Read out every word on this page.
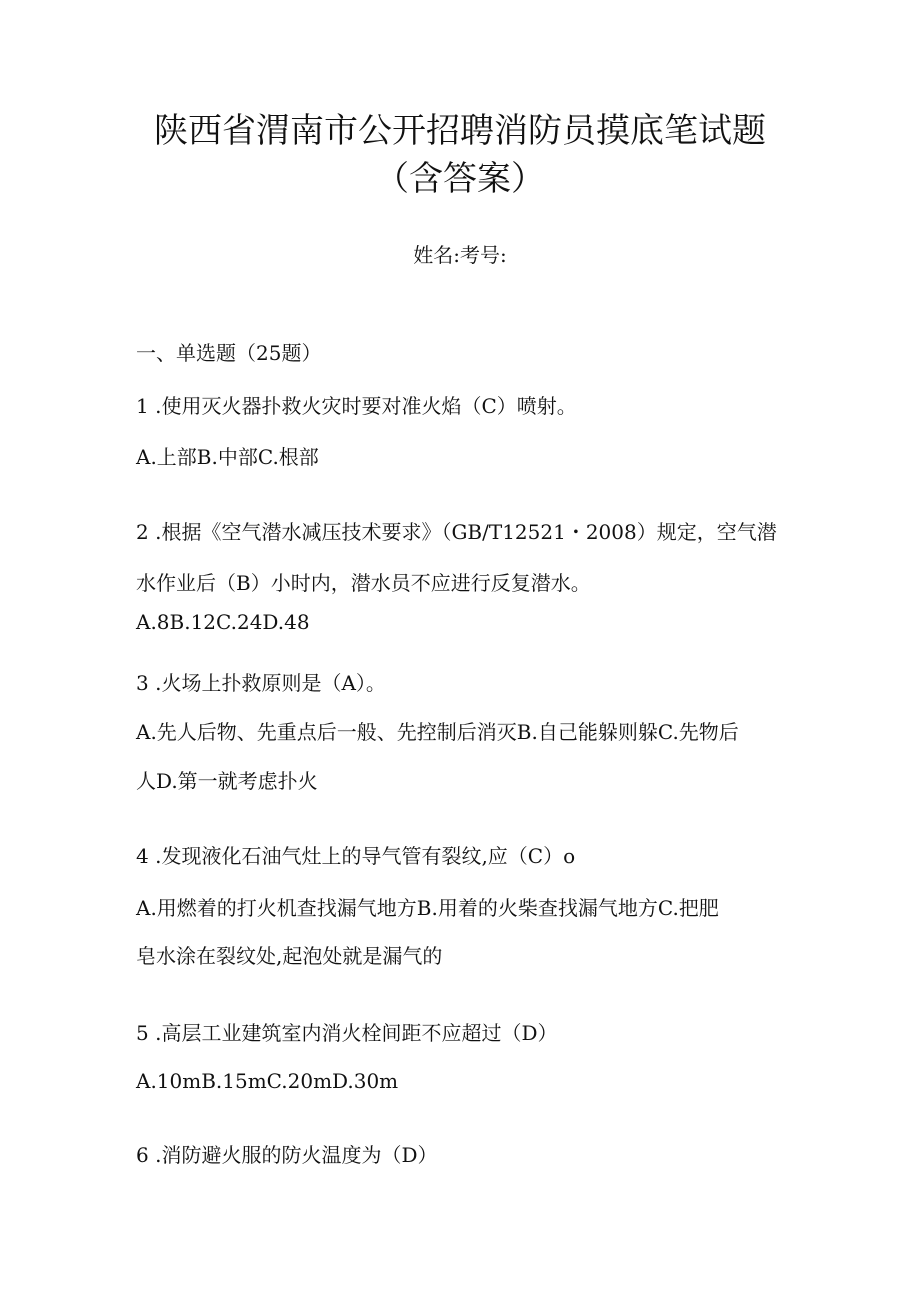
陕西省渭南市公开招聘消防员摸底笔试题
（含答案）
姓名:考号:
一、单选题（25题）
1 .使用灭火器扑救火灾时要对准火焰（C）喷射。
A.上部B.中部C.根部
2 .根据《空气潜水减压技术要求》（GB/T12521・2008）规定，空气潜
水作业后（B）小时内，潜水员不应进行反复潜水。
A.8B.12C.24D.48
3 .火场上扑救原则是（A）。
A.先人后物、先重点后一般、先控制后消灭B.自己能躲则躲C.先物后
人D.第一就考虑扑火
4 .发现液化石油气灶上的导气管有裂纹,应（C）o
A.用燃着的打火机查找漏气地方B.用着的火柴查找漏气地方C.把肥
皂水涂在裂纹处,起泡处就是漏气的
5 .高层工业建筑室内消火栓间距不应超过（D）
A.10mB.15mC.20mD.30m
6 .消防避火服的防火温度为（D）
